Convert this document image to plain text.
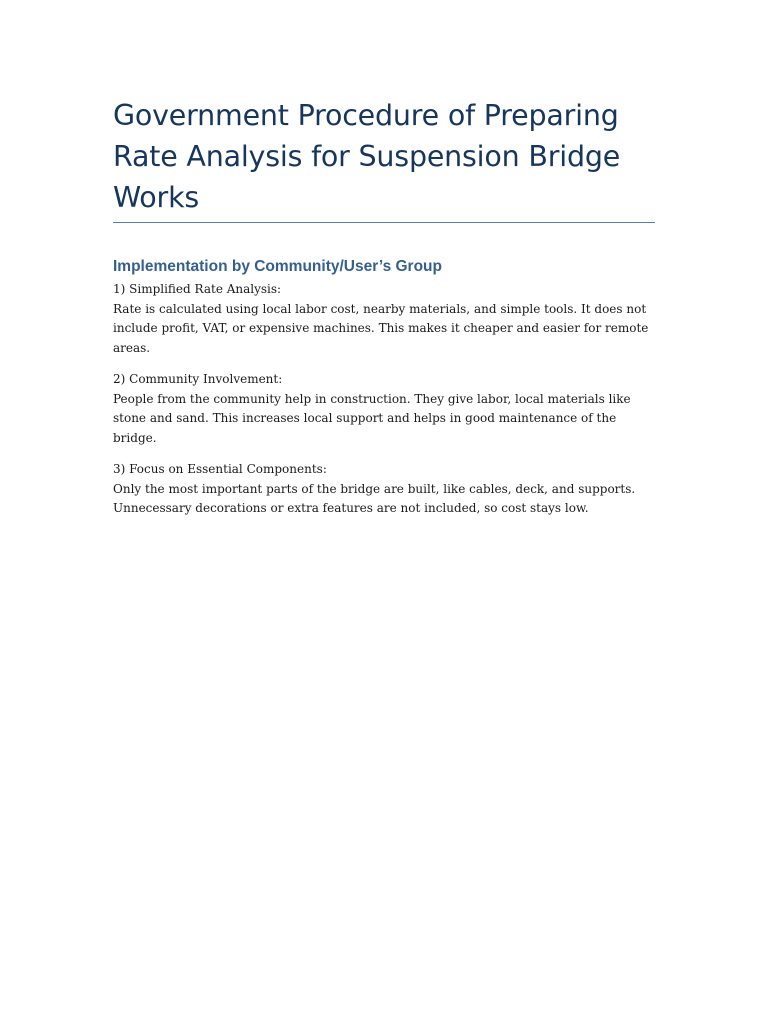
Government Procedure of Preparing Rate Analysis for Suspension Bridge Works
Implementation by Community/User’s Group
1) Simplified Rate Analysis:
Rate is calculated using local labor cost, nearby materials, and simple tools. It does not include profit, VAT, or expensive machines. This makes it cheaper and easier for remote areas.
2) Community Involvement:
People from the community help in construction. They give labor, local materials like stone and sand. This increases local support and helps in good maintenance of the bridge.
3) Focus on Essential Components:
Only the most important parts of the bridge are built, like cables, deck, and supports. Unnecessary decorations or extra features are not included, so cost stays low.
